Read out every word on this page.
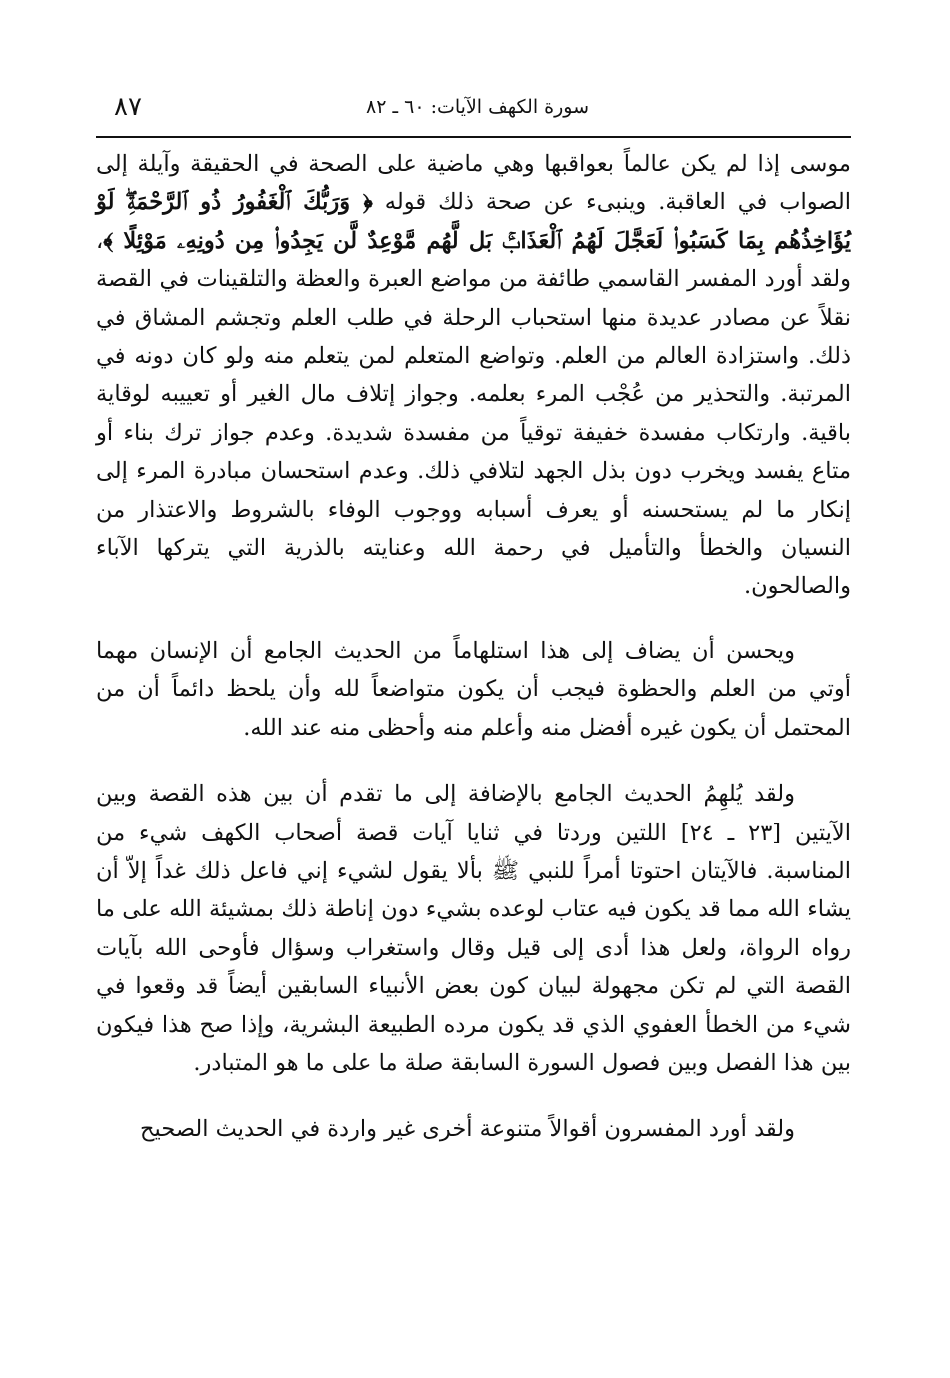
سورة الكهف الآيات: ٦٠ ـ ٨٢
٨٧

موسى إذا لم يكن عالماً بعواقبها وهي ماضية على الصحة في الحقيقة وآيلة إلى الصواب في العاقبة. وينبىء عن صحة ذلك قوله ﴿ وَرَبُّكَ ٱلْغَفُورُ ذُو ٱلرَّحْمَةِۖ لَوْ يُؤَاخِذُهُم بِمَا كَسَبُوا۟ لَعَجَّلَ لَهُمُ ٱلْعَذَابَۚ بَل لَّهُم مَّوْعِدٌ لَّن يَجِدُوا۟ مِن دُونِهِۦ مَوْئِلًا ﴾، ولقد أورد المفسر القاسمي طائفة من مواضع العبرة والعظة والتلقينات في القصة نقلاً عن مصادر عديدة منها استحباب الرحلة في طلب العلم وتجشم المشاق في ذلك. واستزادة العالم من العلم. وتواضع المتعلم لمن يتعلم منه ولو كان دونه في المرتبة. والتحذير من عُجْب المرء بعلمه. وجواز إتلاف مال الغير أو تعييبه لوقاية باقية. وارتكاب مفسدة خفيفة توقياً من مفسدة شديدة. وعدم جواز ترك بناء أو متاع يفسد ويخرب دون بذل الجهد لتلافي ذلك. وعدم استحسان مبادرة المرء إلى إنكار ما لم يستحسنه أو يعرف أسبابه ووجوب الوفاء بالشروط والاعتذار من النسيان والخطأ والتأميل في رحمة الله وعنايته بالذرية التي يتركها الآباء والصالحون.

ويحسن أن يضاف إلى هذا استلهاماً من الحديث الجامع أن الإنسان مهما أوتي من العلم والحظوة فيجب أن يكون متواضعاً لله وأن يلحظ دائماً أن من المحتمل أن يكون غيره أفضل منه وأعلم منه وأحظى منه عند الله.

ولقد يُلهِمُ الحديث الجامع بالإضافة إلى ما تقدم أن بين هذه القصة وبين الآيتين [٢٣ ـ ٢٤] اللتين وردتا في ثنايا آيات قصة أصحاب الكهف شيء من المناسبة. فالآيتان احتوتا أمراً للنبي ﷺ بألا يقول لشيء إني فاعل ذلك غداً إلاّ أن يشاء الله مما قد يكون فيه عتاب لوعده بشيء دون إناطة ذلك بمشيئة الله على ما رواه الرواة، ولعل هذا أدى إلى قيل وقال واستغراب وسؤال فأوحى الله بآيات القصة التي لم تكن مجهولة لبيان كون بعض الأنبياء السابقين أيضاً قد وقعوا في شيء من الخطأ العفوي الذي قد يكون مرده الطبيعة البشرية، وإذا صح هذا فيكون بين هذا الفصل وبين فصول السورة السابقة صلة ما على ما هو المتبادر.

ولقد أورد المفسرون أقوالاً متنوعة أخرى غير واردة في الحديث الصحيح
